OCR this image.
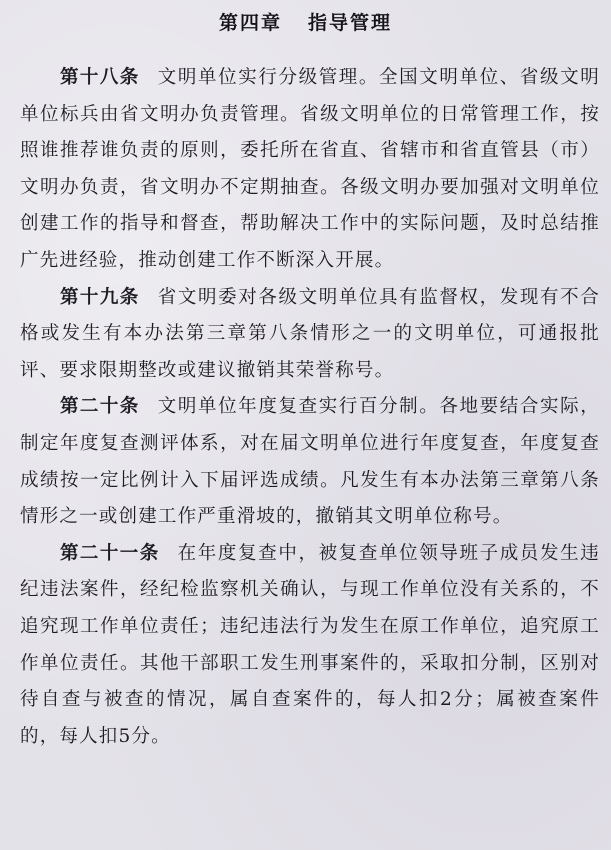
第四章 指导管理

第十八条 文明单位实行分级管理。全国文明单位、省级文明单位标兵由省文明办负责管理。省级文明单位的日常管理工作，按照谁推荐谁负责的原则，委托所在省直、省辖市和省直管县（市）文明办负责，省文明办不定期抽查。各级文明办要加强对文明单位创建工作的指导和督查，帮助解决工作中的实际问题，及时总结推广先进经验，推动创建工作不断深入开展。

第十九条 省文明委对各级文明单位具有监督权，发现有不合格或发生有本办法第三章第八条情形之一的文明单位，可通报批评、要求限期整改或建议撤销其荣誉称号。

第二十条 文明单位年度复查实行百分制。各地要结合实际，制定年度复查测评体系，对在届文明单位进行年度复查，年度复查成绩按一定比例计入下届评选成绩。凡发生有本办法第三章第八条情形之一或创建工作严重滑坡的，撤销其文明单位称号。

第二十一条 在年度复查中，被复查单位领导班子成员发生违纪违法案件，经纪检监察机关确认，与现工作单位没有关系的，不追究现工作单位责任；违纪违法行为发生在原工作单位，追究原工作单位责任。其他干部职工发生刑事案件的，采取扣分制，区别对待自查与被查的情况，属自查案件的，每人扣2分；属被查案件的，每人扣5分。
